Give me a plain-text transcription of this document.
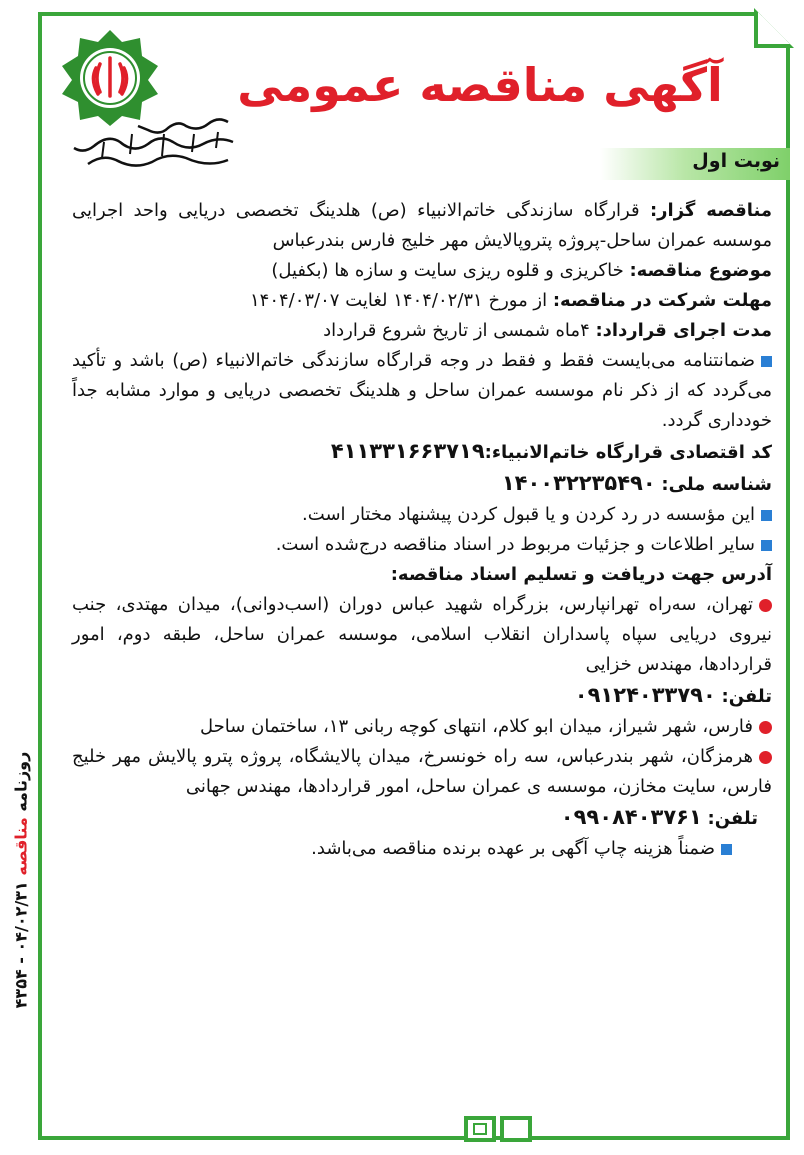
آگهی مناقصه عمومی
نوبت اول

مناقصه گزار: قرارگاه سازندگی خاتم‌الانبیاء (ص) هلدینگ تخصصی دریایی واحد اجرایی موسسه عمران ساحل-پروژه پتروپالایش مهر خلیج فارس بندرعباس

موضوع مناقصه: خاکریزی و قلوه ریزی سایت و سازه ها (بکفیل)

مهلت شرکت در مناقصه: از مورخ ۱۴۰۴/۰۲/۳۱ لغایت ۱۴۰۴/۰۳/۰۷

مدت اجرای قرارداد: ۴ماه شمسی از تاریخ شروع قرارداد

ضمانتنامه می‌بایست فقط و فقط در وجه قرارگاه سازندگی خاتم‌الانبیاء (ص) باشد و تأکید می‌گردد که از ذکر نام موسسه عمران ساحل و هلدینگ تخصصی دریایی و موارد مشابه جداً خودداری گردد.

کد اقتصادی قرارگاه خاتم‌الانبیاء:۴۱۱۳۳۱۶۶۳۷۱۹

شناسه ملی: ۱۴۰۰۳۲۲۳۵۴۹۰

این مؤسسه در رد کردن و یا قبول کردن پیشنهاد مختار است.

سایر اطلاعات و جزئیات مربوط در اسناد مناقصه درج‌شده است.

آدرس جهت دریافت و تسلیم اسناد مناقصه:

تهران، سه‌راه تهرانپارس، بزرگراه شهید عباس دوران (اسب‌دوانی)، میدان مهتدی، جنب نیروی دریایی سپاه پاسداران انقلاب اسلامی، موسسه عمران ساحل، طبقه دوم، امور قراردادها، مهندس خزایی

تلفن: ۰۹۱۲۴۰۳۳۷۹۰

فارس، شهر شیراز، میدان ابو کلام، انتهای کوچه ربانی ۱۳، ساختمان ساحل

هرمزگان، شهر بندرعباس، سه راه خونسرخ، میدان پالایشگاه، پروژه پترو پالایش مهر خلیج فارس، سایت مخازن، موسسه ی عمران ساحل، امور قراردادها، مهندس جهانی

تلفن: ۰۹۹۰۸۴۰۳۷۶۱

ضمناً هزینه چاپ آگهی بر عهده برنده مناقصه می‌باشد.

روزنامه مناقصه ۰۴/۰۲/۳۱ - ۴۳۵۴
